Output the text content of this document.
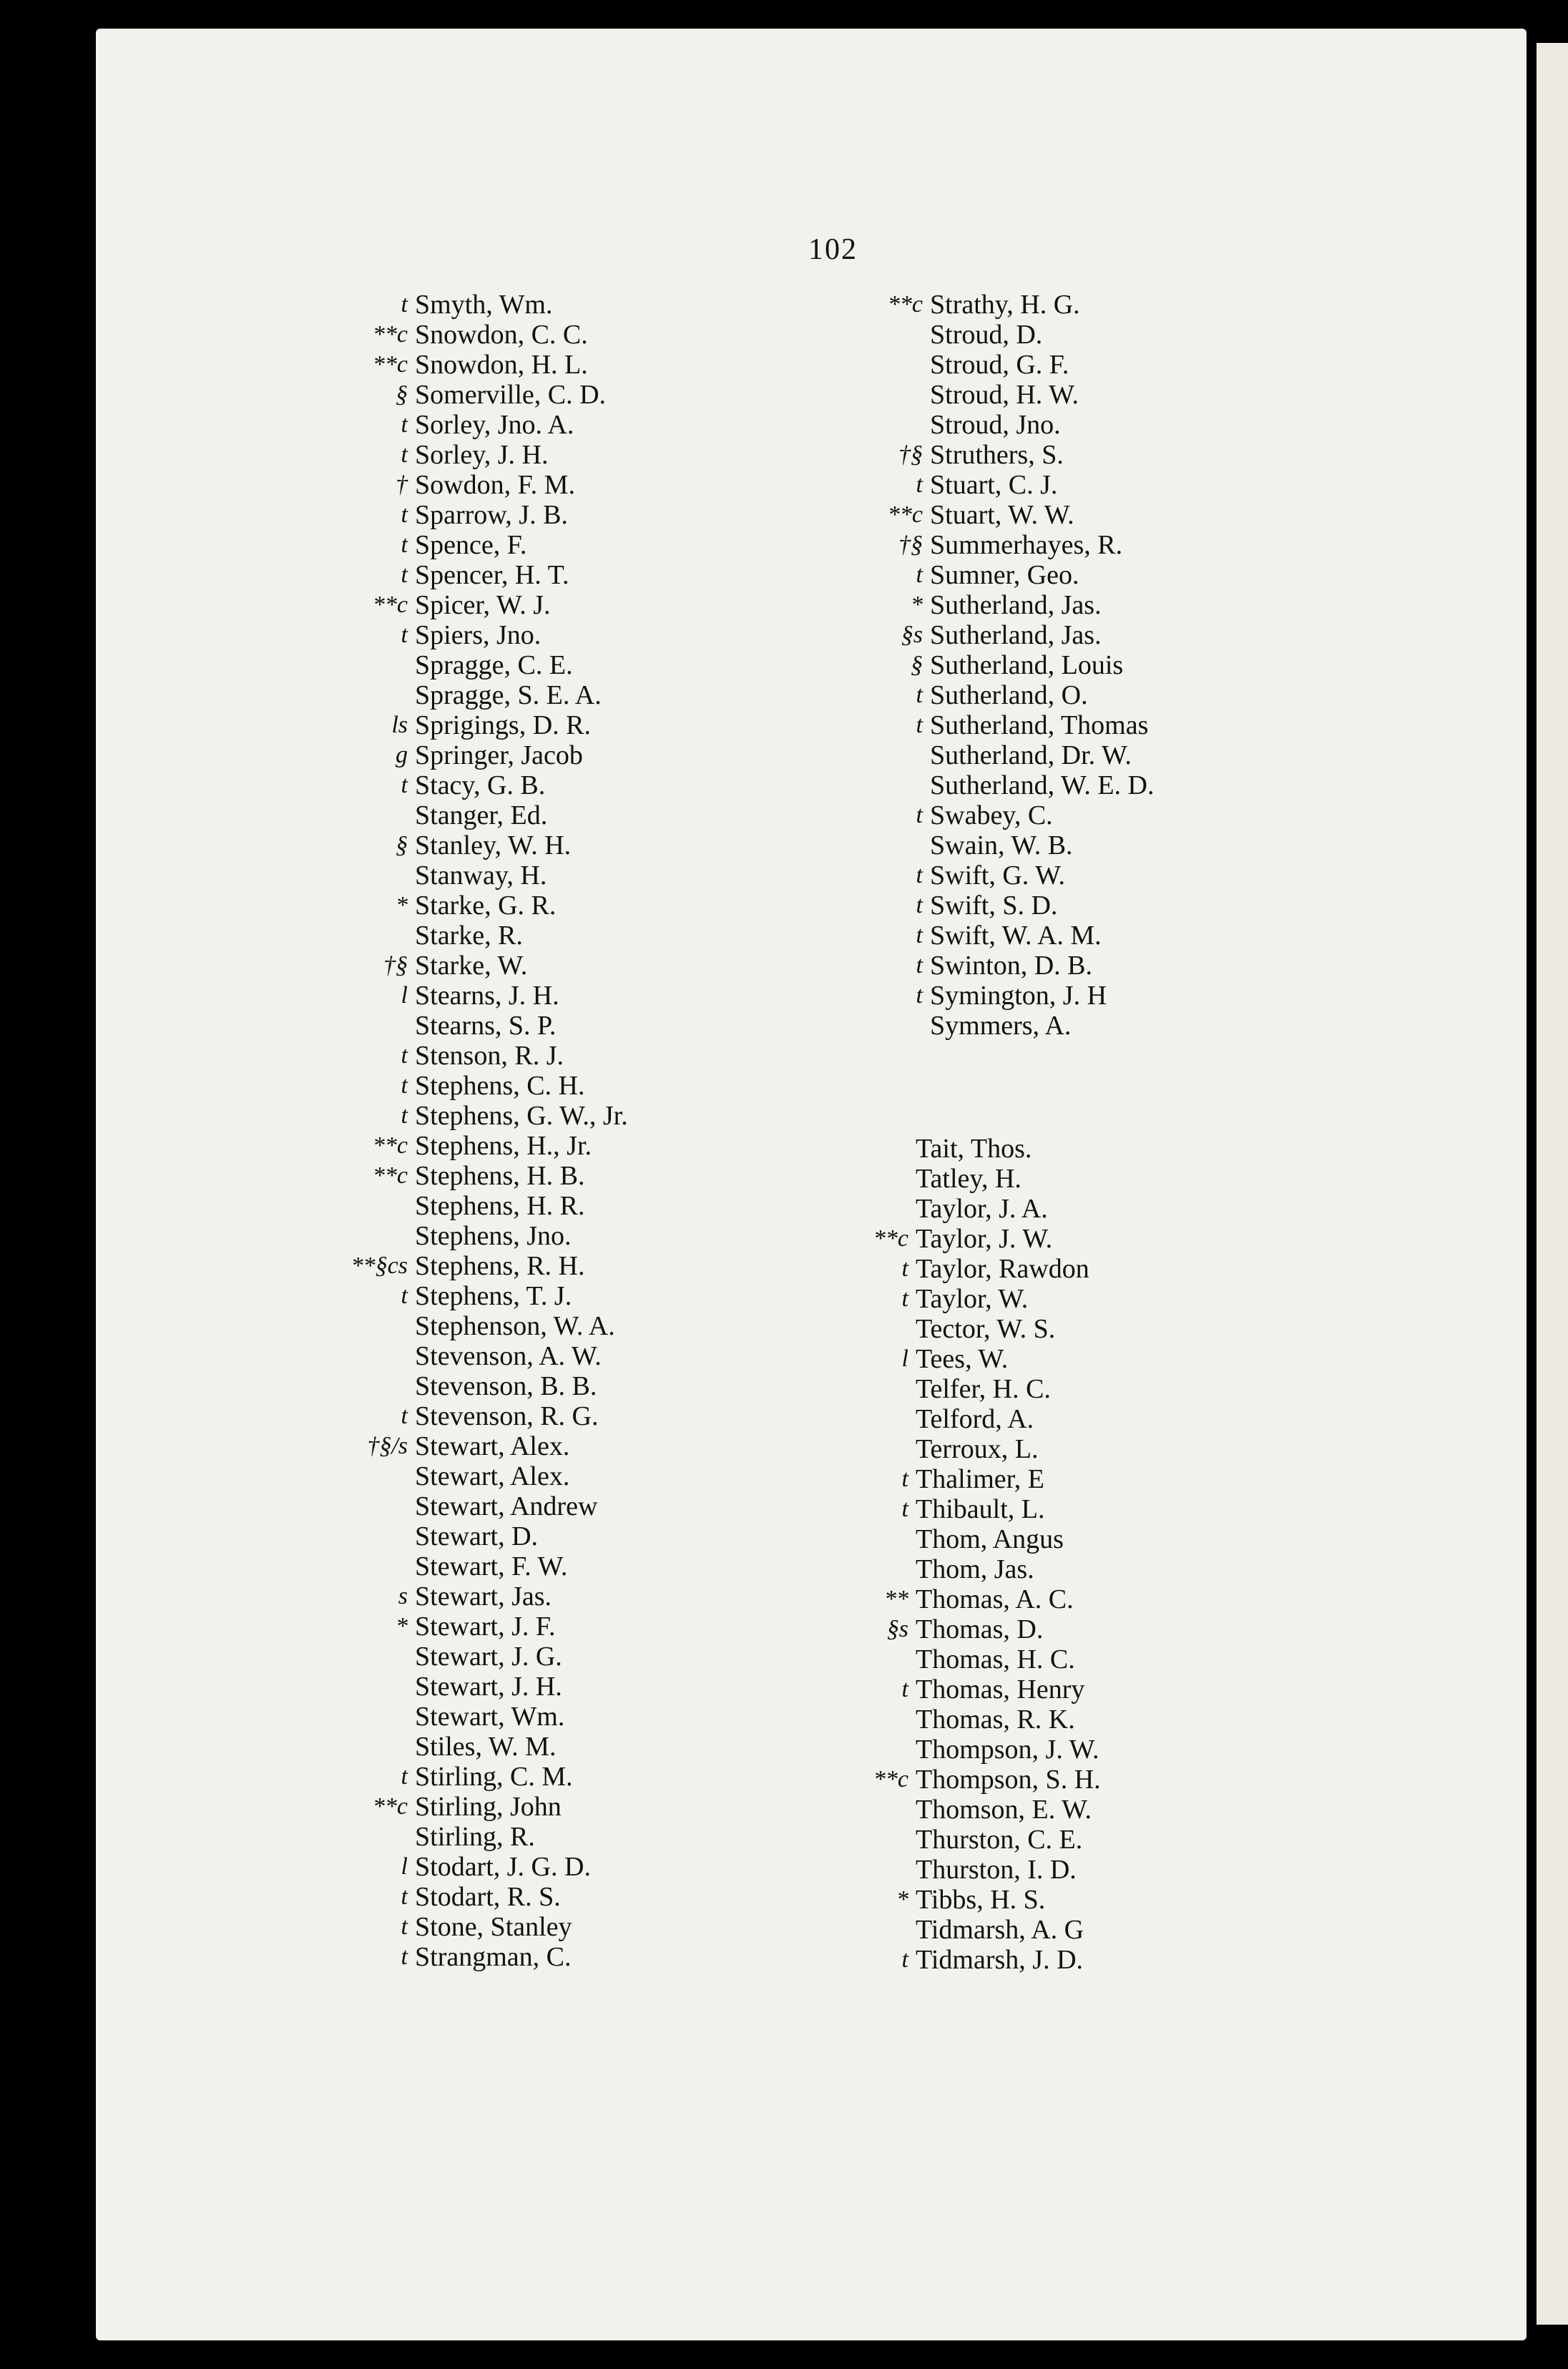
102
t Smyth, Wm.
**c Snowdon, C. C.
**c Snowdon, H. L.
§ Somerville, C. D.
t Sorley, Jno. A.
t Sorley, J. H.
† Sowdon, F. M.
t Sparrow, J. B.
t Spence, F.
t Spencer, H. T.
**c Spicer, W. J.
t Spiers, Jno.
Spragge, C. E.
Spragge, S. E. A.
ls Sprigings, D. R.
g Springer, Jacob
t Stacy, G. B.
Stanger, Ed.
§ Stanley, W. H.
Stanway, H.
* Starke, G. R.
Starke, R.
†§ Starke, W.
l Stearns, J. H.
Stearns, S. P.
t Stenson, R. J.
t Stephens, C. H.
t Stephens, G. W., Jr.
**c Stephens, H., Jr.
**c Stephens, H. B.
Stephens, H. R.
Stephens, Jno.
**§cs Stephens, R. H.
t Stephens, T. J.
Stephenson, W. A.
Stevenson, A. W.
Stevenson, B. B.
t Stevenson, R. G.
†§/s Stewart, Alex.
Stewart, Alex.
Stewart, Andrew
Stewart, D.
Stewart, F. W.
s Stewart, Jas.
* Stewart, J. F.
Stewart, J. G.
Stewart, J. H.
Stewart, Wm.
Stiles, W. M.
t Stirling, C. M.
**c Stirling, John
Stirling, R.
l Stodart, J. G. D.
t Stodart, R. S.
t Stone, Stanley
t Strangman, C.
**c Strathy, H. G.
Stroud, D.
Stroud, G. F.
Stroud, H. W.
Stroud, Jno.
†§ Struthers, S.
t Stuart, C. J.
**c Stuart, W. W.
†§ Summerhayes, R.
t Sumner, Geo.
* Sutherland, Jas.
§s Sutherland, Jas.
§ Sutherland, Louis
t Sutherland, O.
t Sutherland, Thomas
Sutherland, Dr. W.
Sutherland, W. E. D.
t Swabey, C.
Swain, W. B.
t Swift, G. W.
t Swift, S. D.
t Swift, W. A. M.
t Swinton, D. B.
t Symington, J. H
Symmers, A.
Tait, Thos.
Tatley, H.
Taylor, J. A.
**c Taylor, J. W.
t Taylor, Rawdon
t Taylor, W.
Tector, W. S.
l Tees, W.
Telfer, H. C.
Telford, A.
Terroux, L.
t Thalimer, E
t Thibault, L.
Thom, Angus
Thom, Jas.
** Thomas, A. C.
§s Thomas, D.
Thomas, H. C.
t Thomas, Henry
Thomas, R. K.
Thompson, J. W.
**c Thompson, S. H.
Thomson, E. W.
Thurston, C. E.
Thurston, I. D.
* Tibbs, H. S.
Tidmarsh, A. G
t Tidmarsh, J. D.
